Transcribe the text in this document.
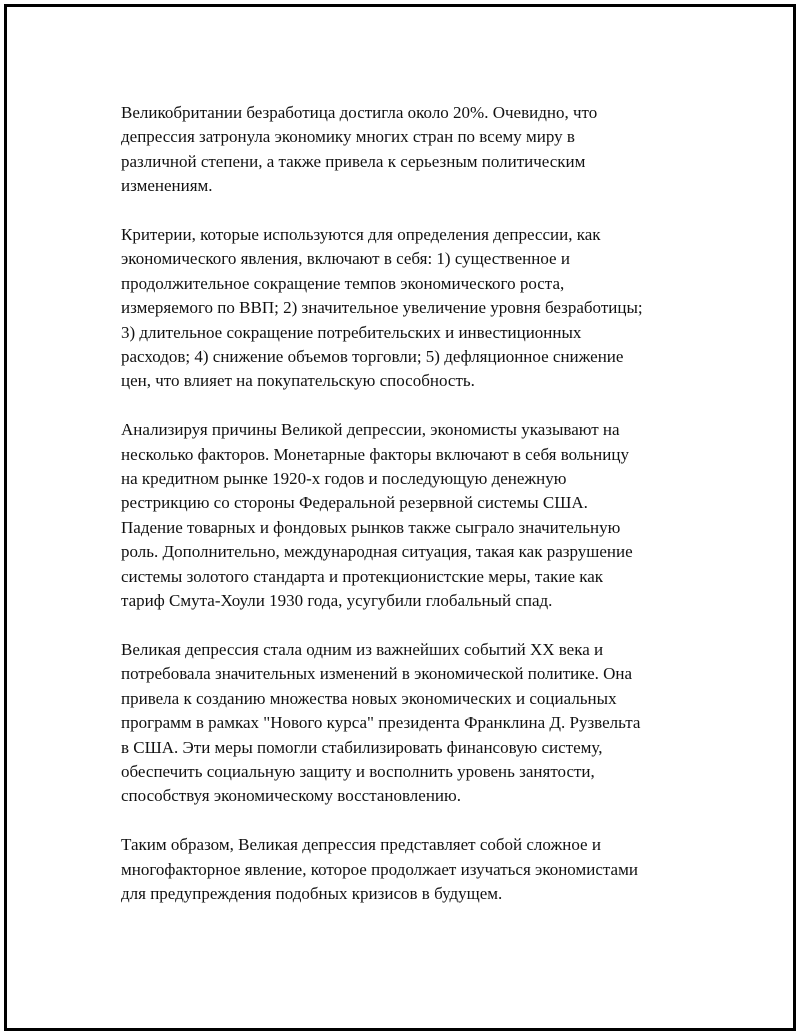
Великобритании безработица достигла около 20%. Очевидно, что
депрессия затронула экономику многих стран по всему миру в
различной степени, а также привела к серьезным политическим
изменениям.

Критерии, которые используются для определения депрессии, как
экономического явления, включают в себя: 1) существенное и
продолжительное сокращение темпов экономического роста,
измеряемого по ВВП; 2) значительное увеличение уровня безработицы;
3) длительное сокращение потребительских и инвестиционных
расходов; 4) снижение объемов торговли; 5) дефляционное снижение
цен, что влияет на покупательскую способность.

Анализируя причины Великой депрессии, экономисты указывают на
несколько факторов. Монетарные факторы включают в себя вольницу
на кредитном рынке 1920-х годов и последующую денежную
рестрикцию со стороны Федеральной резервной системы США.
Падение товарных и фондовых рынков также сыграло значительную
роль. Дополнительно, международная ситуация, такая как разрушение
системы золотого стандарта и протекционистские меры, такие как
тариф Смута-Хоули 1930 года, усугубили глобальный спад.

Великая депрессия стала одним из важнейших событий XX века и
потребовала значительных изменений в экономической политике. Она
привела к созданию множества новых экономических и социальных
программ в рамках "Нового курса" президента Франклина Д. Рузвельта
в США. Эти меры помогли стабилизировать финансовую систему,
обеспечить социальную защиту и восполнить уровень занятости,
способствуя экономическому восстановлению.

Таким образом, Великая депрессия представляет собой сложное и
многофакторное явление, которое продолжает изучаться экономистами
для предупреждения подобных кризисов в будущем.
